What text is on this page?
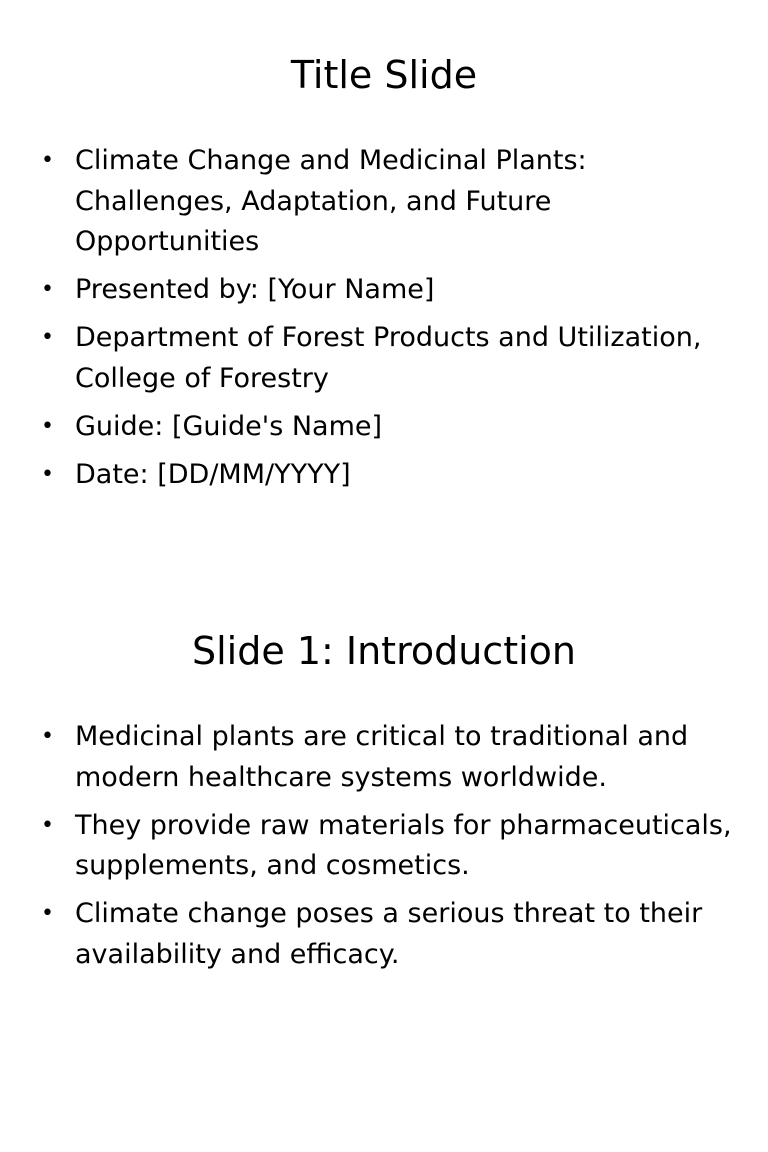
Title Slide
• Climate Change and Medicinal Plants: Challenges, Adaptation, and Future Opportunities
• Presented by: [Your Name]
• Department of Forest Products and Utilization, College of Forestry
• Guide: [Guide's Name]
• Date: [DD/MM/YYYY]
Slide 1: Introduction
• Medicinal plants are critical to traditional and modern healthcare systems worldwide.
• They provide raw materials for pharmaceuticals, supplements, and cosmetics.
• Climate change poses a serious threat to their availability and efficacy.
